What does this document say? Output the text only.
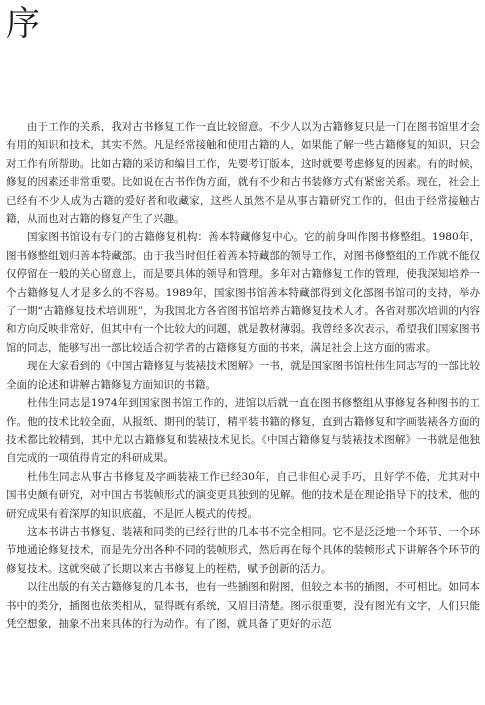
序

由于工作的关系，我对古书修复工作一直比较留意。不少人以为古籍修复只是一门在图书馆里才会有用的知识和技术，其实不然。凡是经常接触和使用古籍的人，如果能了解一些古籍修复的知识，只会对工作有所帮助。比如古籍的采访和编目工作，先要考订版本，这时就要考虑修复的因素。有的时候，修复的因素还非常重要。比如说在古书作伪方面，就有不少和古书装修方式有紧密关系。现在，社会上已经有不少人成为古籍的爱好者和收藏家，这些人虽然不是从事古籍研究工作的，但由于经常接触古籍，从而也对古籍的修复产生了兴趣。

国家图书馆设有专门的古籍修复机构：善本特藏修复中心。它的前身叫作图书修整组。1980年，图书修整组划归善本特藏部。由于我当时但任着善本特藏部的领导工作，对图书修整组的工作就不能仅仅停留在一般的关心留意上，而是要具体的领导和管理。多年对古籍修复工作的管理，使我深知培养一个古籍修复人才是多么的不容易。1989年，国家图书馆善本特藏部得到文化部图书馆司的支持，举办了一期“古籍修复技术培训班”，为我国北方各省图书馆培养古籍修复技术人才。各省对那次培训的内容和方向反映非常好，但其中有一个比较大的问题，就是教材薄弱。我曾经多次表示，希望我们国家图书馆的同志，能够写出一部比较适合初学者的古籍修复方面的书来，满足社会上这方面的需求。

现在大家看到的《中国古籍修复与装裱技术图解》一书，就是国家图书馆杜伟生同志写的一部比较全面的论述和讲解古籍修复方面知识的书籍。

杜伟生同志是1974年到国家图书馆工作的，进馆以后就一直在图书修整组从事修复各种图书的工作。他的技术比较全面，从报纸、期刊的装订，精平装书籍的修复，直到古籍修复和字画装裱各方面的技术都比较精到，其中尤以古籍修复和装裱技术见长。《中国古籍修复与装裱技术图解》一书就是他独自完成的一项值得肯定的科研成果。

杜伟生同志从事古书修复及字画装裱工作已经30年，自己非但心灵手巧，且好学不倦，尤其对中国书史颇有研究，对中国古书装帧形式的演变更具独到的见解。他的技术是在理论指导下的技术，他的研究成果有着深厚的知识底蕴，不是匠人模式的传授。

这本书讲古书修复、装裱和同类的已经行世的几本书不完全相同。它不是泛泛地一个环节、一个环节地通论修复技术，而是先分出各种不同的装帧形式，然后再在每个具体的装帧形式下讲解各个环节的修复技术。这就突破了长期以来古书修复上的桎梏，赋予创新的活力。

以往出版的有关古籍修复的几本书，也有一些插图和附图，但较之本书的插图，不可相比。如同本书中的类分，插图也依类相从，显得既有系统，又眉目清楚。图示很重要，没有图光有文字，人们只能凭空想象，抽象不出来具体的行为动作。有了图，就具备了更好的示范
